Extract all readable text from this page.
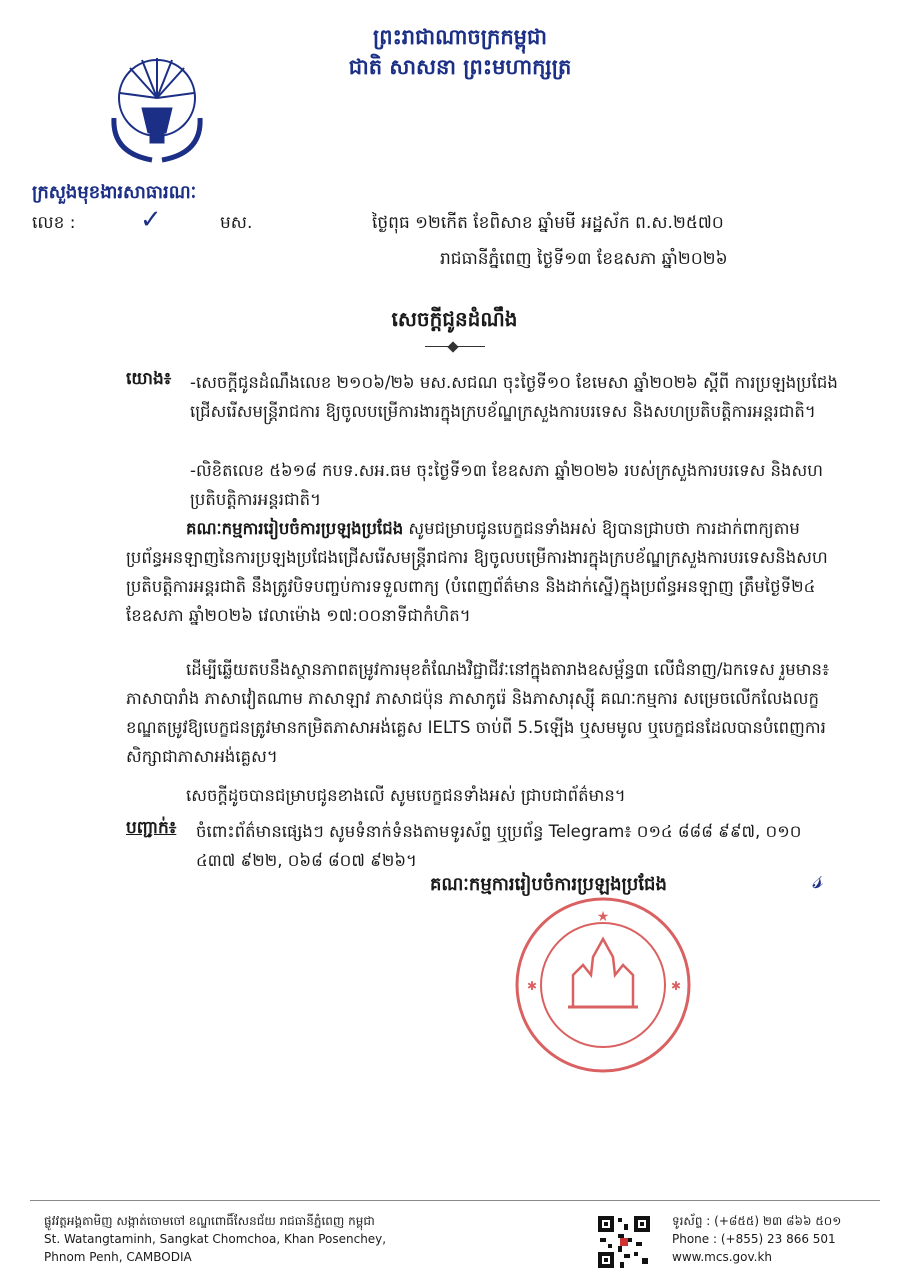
ព្រះរាជាណាចក្រកម្ពុជា
ជាតិ សាសនា ព្រះមហាក្សត្រ
ក្រសួងមុខងារសាធារណៈ
លេខ : ✓	មស.	ថ្ងៃពុធ ១២កើត ខែពិសាខ ឆ្នាំមមី អដ្ឋស័ក ព.ស.២៥៧០
រាជធានីភ្នំពេញ ថ្ងៃទី១៣ ខែឧសភា ឆ្នាំ២០២៦
សេចក្ដីជូនដំណឹង
យោង៖ -សេចក្ដីជូនដំណឹងលេខ ២១០៦/២៦ មស.សជណ ចុះថ្ងៃទី១០ ខែមេសា ឆ្នាំ២០២៦ ស្ដីពី ការប្រឡងប្រជែងជ្រើសរើសមន្ត្រីរាជការ ឱ្យចូលបម្រើការងារក្នុងក្របខ័ណ្ឌក្រសួងការបរទេស និងសហប្រតិបត្តិការអន្តរជាតិ។
-លិខិតលេខ ៥៦១៨ កបទ.សអ.ធម ចុះថ្ងៃទី១៣ ខែឧសភា ឆ្នាំ២០២៦ របស់ក្រសួងការបរទេស និងសហប្រតិបត្តិការអន្តរជាតិ។
គណៈកម្មការរៀបចំការប្រឡងប្រជែង សូមជម្រាបជូនបេក្ខជនទាំងអស់ ឱ្យបានជ្រាបថា ការដាក់ពាក្យតាមប្រព័ន្ធអនឡាញនៃការប្រឡងប្រជែងជ្រើសរើសមន្ត្រីរាជការ ឱ្យចូលបម្រើការងារក្នុងក្របខ័ណ្ឌក្រសួងការបរទេសនិងសហប្រតិបត្តិការអន្តរជាតិ នឹងត្រូវបិទបញ្ចប់ការទទួលពាក្យ (បំពេញព័ត៌មាន និងដាក់ស្នើ)ក្នុងប្រព័ន្ធអនឡាញ ត្រឹមថ្ងៃទី២៤ ខែឧសភា ឆ្នាំ២០២៦ វេលាម៉ោង ១៧:០០នាទីជាកំហិត។
ដើម្បីឆ្លើយតបនឹងស្ថានភាពតម្រូវការមុខតំណែងវិជ្ជាជីវៈនៅក្នុងតារាងឧសម្ព័ន្ធ៣ លើជំនាញ/ឯកទេស រួមមាន៖ ភាសាបារាំង ភាសាវៀតណាម ភាសាឡាវ ភាសាជប៉ុន ភាសាកូរ៉េ និងភាសារុស្ស៊ី គណៈកម្មការ សម្រេចលើកលែងលក្ខខណ្ឌតម្រូវឱ្យបេក្ខជនត្រូវមានកម្រិតភាសាអង់គ្លេស IELTS ចាប់ពី 5.5ឡើង ឬសមមូល ឬបេក្ខជនដែលបានបំពេញការសិក្សាជាភាសាអង់គ្លេស។
សេចក្ដីដូចបានជម្រាបជូនខាងលើ សូមបេក្ខជនទាំងអស់ ជ្រាបជាព័ត៌មាន។
បញ្ជាក់៖ ចំពោះព័ត៌មានផ្សេងៗ សូមទំនាក់ទំនងតាមទូរស័ព្ទ ឬប្រព័ន្ធ Telegram៖ ០១៤ ៨៨៨ ៩៩៧, ០១០ ៤៣៧ ៩២២, ០៦៨ ៨០៧ ៩២៦។
គណៈកម្មការរៀបចំការប្រឡងប្រជែង	𝓈
★
✱	✱
ផ្លូវវត្តអង្គតាមិញ សង្កាត់ចោមចៅ ខណ្ឌពោធិ៍សែនជ័យ រាជធានីភ្នំពេញ កម្ពុជា
St. Watangtaminh, Sangkat Chomchoa, Khan Posenchey,
Phnom Penh, CAMBODIA
ទូរស័ព្ទ : (+៨៥៥) ២៣ ៨៦៦ ៥០១
Phone : (+855) 23 866 501
www.mcs.gov.kh
